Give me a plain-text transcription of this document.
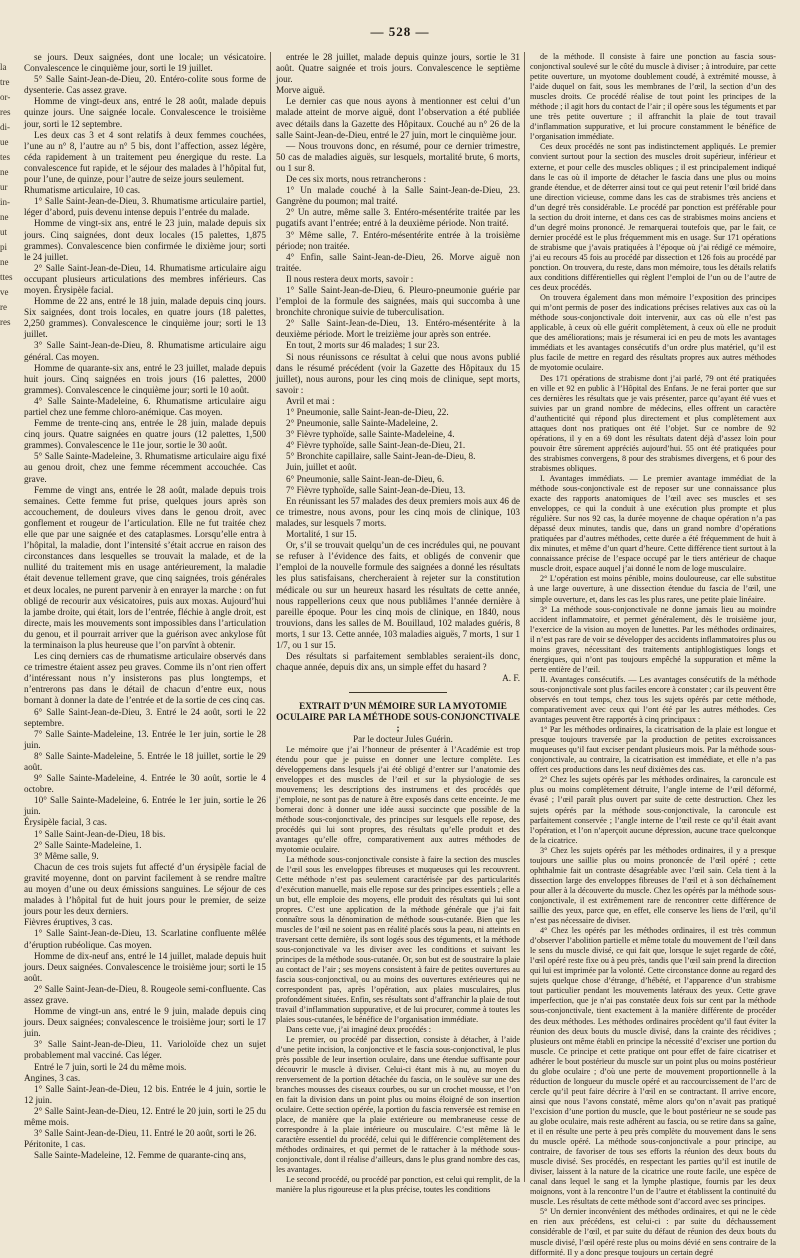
— 528 —
la
tre
or-
res
di-
ue
tes
ne
ur
in-
ne
ut
pi
ne
ttes
ve
re
res

se jours. Deux saignées, dont une locale; un vésicatoire. Convalescence le cinquième jour, sorti le 19 juillet.

5° Salle Saint-Jean-de-Dieu, 20. Entéro-colite sous forme de dysenterie. Cas assez grave.

Homme de vingt-deux ans, entré le 28 août, malade depuis quinze jours. Une saignée locale. Convalescence le troisième jour, sorti le 12 septembre.

Les deux cas 3 et 4 sont relatifs à deux femmes couchées, l’une au n° 8, l’autre au n° 5 bis, dont l’affection, assez légère, céda rapidement à un traitement peu énergique du reste. La convalescence fut rapide, et le séjour des malades à l’hôpital fut, pour l’une, de quinze, pour l’autre de seize jours seulement.

Rhumatisme articulaire, 10 cas.

1° Salle Saint-Jean-de-Dieu, 3. Rhumatisme articulaire partiel, léger d’abord, puis devenu intense depuis l’entrée du malade.

Homme de vingt-six ans, entré le 23 juin, malade depuis six jours. Cinq saignées, dont deux locales (15 palettes, 1,875 grammes). Convalescence bien confirmée le dixième jour; sorti le 24 juillet.

2° Salle Saint-Jean-de-Dieu, 14. Rhumatisme articulaire aigu occupant plusieurs articulations des membres inférieurs. Cas moyen. Érysipèle facial.

Homme de 22 ans, entré le 18 juin, malade depuis cinq jours. Six saignées, dont trois locales, en quatre jours (18 palettes, 2,250 grammes). Convalescence le cinquième jour; sorti le 13 juillet.

3° Salle Saint-Jean-de-Dieu, 8. Rhumatisme articulaire aigu général. Cas moyen.

Homme de quarante-six ans, entré le 23 juillet, malade depuis huit jours. Cinq saignées en trois jours (16 palettes, 2000 grammes). Convalescence le cinquième jour; sorti le 10 août.

4° Salle Sainte-Madeleine, 6. Rhumatisme articulaire aigu partiel chez une femme chloro-anémique. Cas moyen.

Femme de trente-cinq ans, entrée le 28 juin, malade depuis cinq jours. Quatre saignées en quatre jours (12 palettes, 1,500 grammes). Convalescence le 11e jour, sortie le 30 août.

5° Salle Sainte-Madeleine, 3. Rhumatisme articulaire aigu fixé au genou droit, chez une femme récemment accouchée. Cas grave.

Femme de vingt ans, entrée le 28 août, malade depuis trois semaines. Cette femme fut prise, quelques jours après son accouchement, de douleurs vives dans le genou droit, avec gonflement et rougeur de l’articulation. Elle ne fut traitée chez elle que par une saignée et des cataplasmes. Lorsqu’elle entra à l’hôpital, la maladie, dont l’intensité s’était accrue en raison des circonstances dans lesquelles se trouvait la malade, et de la nullité du traitement mis en usage antérieurement, la maladie était devenue tellement grave, que cinq saignées, trois générales et deux locales, ne purent parvenir à en enrayer la marche : on fut obligé de recourir aux vésicatoires, puis aux moxas. Aujourd’hui la jambe droite, qui était, lors de l’entrée, fléchie à angle droit, est directe, mais les mouvements sont impossibles dans l’articulation du genou, et il pourrait arriver que la guérison avec ankylose fût la terminaison la plus heureuse que l’on parvînt à obtenir.

Les cinq derniers cas de rhumatisme articulaire observés dans ce trimestre étaient assez peu graves. Comme ils n’ont rien offert d’intéressant nous n’y insisterons pas plus longtemps, et n’entrerons pas dans le détail de chacun d’entre eux, nous bornant à donner la date de l’entrée et de la sortie de ces cinq cas.

6° Salle Saint-Jean-de-Dieu, 3. Entré le 24 août, sorti le 22 septembre.

7° Salle Sainte-Madeleine, 13. Entrée le 1er juin, sortie le 28 juin.

8° Salle Sainte-Madeleine, 5. Entrée le 18 juillet, sortie le 29 août.

9° Salle Sainte-Madeleine, 4. Entrée le 30 août, sortie le 4 octobre.

10° Salle Sainte-Madeleine, 6. Entrée le 1er juin, sortie le 26 juin.

Érysipèle facial, 3 cas.

1° Salle Saint-Jean-de-Dieu, 18 bis.

2° Salle Sainte-Madeleine, 1.

3° Même salle, 9.

Chacun de ces trois sujets fut affecté d’un érysipèle facial de gravité moyenne, dont on parvint facilement à se rendre maître au moyen d’une ou deux émissions sanguines. Le séjour de ces malades à l’hôpital fut de huit jours pour le premier, de seize jours pour les deux derniers.

Fièvres éruptives, 3 cas.

1° Salle Saint-Jean-de-Dieu, 13. Scarlatine confluente mêlée d’éruption rubéolique. Cas moyen.

Homme de dix-neuf ans, entré le 14 juillet, malade depuis huit jours. Deux saignées. Convalescence le troisième jour; sorti le 15 août.

2° Salle Saint-Jean-de-Dieu, 8. Rougeole semi-confluente. Cas assez grave.

Homme de vingt-un ans, entré le 9 juin, malade depuis cinq jours. Deux saignées; convalescence le troisième jour; sorti le 17 juin.

3° Salle Saint-Jean-de-Dieu, 11. Varioloïde chez un sujet probablement mal vacciné. Cas léger.

Entré le 7 juin, sorti le 24 du même mois.

Angines, 3 cas.

1° Salle Saint-Jean-de-Dieu, 12 bis. Entrée le 4 juin, sortie le 12 juin.

2° Salle Saint-Jean-de-Dieu, 12. Entré le 20 juin, sorti le 25 du même mois.

3° Salle Saint-Jean-de-Dieu, 11. Entré le 20 août, sorti le 26.

Péritonite, 1 cas.

Salle Sainte-Madeleine, 12. Femme de quarante-cinq ans,

entrée le 28 juillet, malade depuis quinze jours, sortie le 31 août. Quatre saignée et trois jours. Convalescence le septième jour.

Morve aiguë.

Le dernier cas que nous ayons à mentionner est celui d’un malade atteint de morve aiguë, dont l’observation a été publiée avec détails dans la Gazette des Hôpitaux. Couché au n° 26 de la salle Saint-Jean-de-Dieu, entré le 27 juin, mort le cinquième jour.

— Nous trouvons donc, en résumé, pour ce dernier trimestre, 50 cas de maladies aiguës, sur lesquels, mortalité brute, 6 morts, ou 1 sur 8.

De ces six morts, nous retrancherons :

1° Un malade couché à la Salle Saint-Jean-de-Dieu, 23. Gangrène du poumon; mal traité.

2° Un autre, même salle 3. Entéro-mésentérite traitée par les pugatifs avant l’entrée; entré à la deuxième période. Non traité.

3° Même salle, 7. Entéro-mésentérite entrée à la troisième période; non traitée.

4° Enfin, salle Saint-Jean-de-Dieu, 26. Morve aiguë non traitée.

Il nous restera deux morts, savoir :

1° Salle Saint-Jean-de-Dieu, 6. Pleuro-pneumonie guérie par l’emploi de la formule des saignées, mais qui succomba à une bronchite chronique suivie de tuberculisation.

2° Salle Saint-Jean-de-Dieu, 13. Entéro-mésentérite à la deuxième période. Mort le treizième jour après son entrée.

En tout, 2 morts sur 46 malades; 1 sur 23.

Si nous réunissons ce résultat à celui que nous avons publié dans le résumé précédent (voir la Gazette des Hôpitaux du 15 juillet), nous aurons, pour les cinq mois de clinique, sept morts, savoir :

Avril et mai :

1° Pneumonie, salle Saint-Jean-de-Dieu, 22.

2° Pneumonie, salle Sainte-Madeleine, 2.

3° Fièvre typhoïde, salle Sainte-Madeleine, 4.

4° Fièvre typhoïde, salle Saint-Jean-de-Dieu, 21.

5° Bronchite capillaire, salle Saint-Jean-de-Dieu, 8.

Juin, juillet et août.

6° Pneumonie, salle Saint-Jean-de-Dieu, 6.

7° Fièvre typhoïde, salle Saint-Jean-de-Dieu, 13.

En réunissant les 57 malades des deux premiers mois aux 46 de ce trimestre, nous avons, pour les cinq mois de clinique, 103 malades, sur lesquels 7 morts.

Mortalité, 1 sur 15.

Or, s’il se trouvait quelqu’un de ces incrédules qui, ne pouvant se refuser à l’évidence des faits, et obligés de convenir que l’emploi de la nouvelle formule des saignées a donné les résultats les plus satisfaisans, chercheraient à rejeter sur la constitution médicale ou sur un heureux hasard les résultats de cette année, nous rappellerions ceux que nous publiâmes l’année dernière à pareille époque. Pour les cinq mois de clinique, en 1840, nous trouvions, dans les salles de M. Bouillaud, 102 malades guéris, 8 morts, 1 sur 13. Cette année, 103 maladies aiguës, 7 morts, 1 sur 1 1/7, ou 1 sur 15.

Des résultats si parfaitement semblables seraient-ils donc, chaque année, depuis dix ans, un simple effet du hasard ?

A. F.

EXTRAIT D’UN MÉMOIRE SUR LA MYOTOMIE OCULAIRE PAR LA MÉTHODE SOUS-CONJONCTIVALE ;

Par le docteur Jules Guérin.

Le mémoire que j’ai l’honneur de présenter à l’Académie est trop étendu pour que je puisse en donner une lecture complète. Les développemens dans lesquels j’ai été obligé d’entrer sur l’anatomie des enveloppes et des muscles de l’œil et sur la physiologie de ses mouvemens; les descriptions des instrumens et des procédés que j’emploie, ne sont pas de nature à être exposés dans cette enceinte. Je me bornerai donc à donner une idée aussi succincte que possible de la méthode sous-conjonctivale, des principes sur lesquels elle repose, des procédés qui lui sont propres, des résultats qu’elle produit et des avantages qu’elle offre, comparativement aux autres méthodes de myotomie oculaire.

La méthode sous-conjonctivale consiste à faire la section des muscles de l’œil sous les enveloppes fibreuses et muqueuses qui les recouvrent. Cette méthode n’est pas seulement caractérisée par des particularités d’exécution manuelle, mais elle repose sur des principes essentiels ; elle a un but, elle emploie des moyens, elle produit des résultats qui lui sont propres. C’est une application de la méthode générale que j’ai fait connaître sous la dénomination de méthode sous-cutanée. Bien que les muscles de l’œil ne soient pas en réalité placés sous la peau, ni atteints en traversant cette dernière, ils sont logés sous des téguments, et la méthode sous-conjonctivale va les diviser avec les conditions et suivant les principes de la méthode sous-cutanée. Or, son but est de soustraire la plaie au contact de l’air ; ses moyens consistent à faire de petites ouvertures au fascia sous-conjonctival, ou au moins des ouvertures extérieures qui ne correspondent pas, après l’opération, aux plaies musculaires, plus profondément situées. Enfin, ses résultats sont d’affranchir la plaie de tout travail d’inflammation suppurative, et de lui procurer, comme à toutes les plaies sous-cutanées, le bénéfice de l’organisation immédiate.

Dans cette vue, j’ai imaginé deux procédés :

Le premier, ou procédé par dissection, consiste à détacher, à l’aide d’une petite incision, la conjonctive et le fascia sous-conjonctival, le plus près possible de leur insertion oculaire, dans une étendue suffisante pour découvrir le muscle à diviser. Celui-ci étant mis à nu, au moyen du renversement de la portion détachée du fascia, on le soulève sur une des branches mousses des ciseaux courbes, ou sur un crochet mousse, et l’on en fait la division dans un point plus ou moins éloigné de son insertion oculaire. Cette section opérée, la portion du fascia renversée est remise en place, de manière que la plaie extérieure ou membraneuse cesse de correspondre à la plaie intérieure ou musculaire. C’est même là le caractère essentiel du procédé, celui qui le différencie complètement des méthodes ordinaires, et qui permet de le rattacher à la méthode sous-conjonctivale, dont il réalise d’ailleurs, dans le plus grand nombre des cas, les avantages.

Le second procédé, ou procédé par ponction, est celui qui remplit, de la manière la plus rigoureuse et la plus précise, toutes les conditions

de la méthode. Il consiste à faire une ponction au fascia sous-conjonctival soulevé sur le côté du muscle à diviser ; à introduire, par cette petite ouverture, un myotome doublement coudé, à extrémité mousse, à l’aide duquel on fait, sous les membranes de l’œil, la section d’un des muscles droits. Ce procédé réalise de tout point les principes de la méthode ; il agit hors du contact de l’air ; il opère sous les téguments et par une très petite ouverture ; il affranchit la plaie de tout travail d’inflammation suppurative, et lui procure constamment le bénéfice de l’organisation immédiate.

Ces deux procédés ne sont pas indistinctement appliqués. Le premier convient surtout pour la section des muscles droit supérieur, inférieur et externe, et pour celle des muscles obliques ; il est principalement indiqué dans le cas où il importe de détacher le fascia dans une plus ou moins grande étendue, et de déterrer ainsi tout ce qui peut retenir l’œil bridé dans une direction vicieuse, comme dans les cas de strabismes très anciens et d’un degré très considérable. Le procédé par ponction est préférable pour la section du droit interne, et dans ces cas de strabismes moins anciens et d’un degré moins prononcé. Je remarquerai toutefois que, par le fait, ce dernier procédé est le plus fréquemment mis en usage. Sur 171 opérations de strabisme que j’avais pratiquées à l’époque où j’ai rédigé ce mémoire, j’ai eu recours 45 fois au procédé par dissection et 126 fois au procédé par ponction. On trouvera, du reste, dans mon mémoire, tous les détails relatifs aux conditions différentielles qui règlent l’emploi de l’un ou de l’autre de ces deux procédés.

On trouvera également dans mon mémoire l’exposition des principes qui m’ont permis de poser des indications précises relatives aux cas où la méthode sous-conjonctivale doit intervenir, aux cas où elle n’est pas applicable, à ceux où elle guérit complètement, à ceux où elle ne produit que des améliorations; mais je résumerai ici en peu de mots les avantages immédiats et les avantages consécutifs d’un ordre plus matériel, qu’il est plus facile de mettre en regard des résultats propres aux autres méthodes de myotomie oculaire.

Des 171 opérations de strabisme dont j’ai parlé, 79 ont été pratiquées en ville et 92 en public à l’Hôpital des Enfans. Je ne ferai porter que sur ces dernières les résultats que je vais présenter, parce qu’ayant été vues et suivies par un grand nombre de médecins, elles offrent un caractère d’authenticité qui répond plus directement et plus complètement aux attaques dont nos pratiques ont été l’objet. Sur ce nombre de 92 opérations, il y en a 69 dont les résultats datent déjà d’assez loin pour pouvoir être sûrement appréciés aujourd’hui. 55 ont été pratiquées pour des strabismes convergens, 8 pour des strabismes divergens, et 6 pour des strabismes obliques.

I. Avantages immédiats. — Le premier avantage immédiat de la méthode sous-conjonctivale est de reposer sur une connaissance plus exacte des rapports anatomiques de l’œil avec ses muscles et ses enveloppes, ce qui la conduit à une exécution plus prompte et plus régulière. Sur nos 92 cas, la durée moyenne de chaque opération n’a pas dépassé deux minutes, tandis que, dans un grand nombre d’opérations pratiquées par d’autres méthodes, cette durée a été fréquemment de huit à dix minutes, et même d’un quart d’heure. Cette différence tient surtout à la connaissance précise de l’espace occupé par le tiers antérieur de chaque muscle droit, espace auquel j’ai donné le nom de loge musculaire.

2° L’opération est moins pénible, moins douloureuse, car elle substitue à une large ouverture, à une dissection étendue du fascia de l’œil, une simple ouverture, et, dans les cas les plus rares, une petite plaie linéaire.

3° La méthode sous-conjonctivale ne donne jamais lieu au moindre accident inflammatoire, et permet généralement, dès le troisième jour, l’exercice de la vision au moyen de lunettes. Par les méthodes ordinaires, il n’est pas rare de voir se développer des accidents inflammatoires plus ou moins graves, nécessitant des traitements antiphlogistiques longs et énergiques, qui n’ont pas toujours empêché la suppuration et même la perte entière de l’œil.

II. Avantages consécutifs. — Les avantages consécutifs de la méthode sous-conjonctivale sont plus faciles encore à constater ; car ils peuvent être observés en tout temps, chez tous les sujets opérés par cette méthode, comparativement avec ceux qui l’ont été par les autres méthodes. Ces avantages peuvent être rapportés à cinq principaux :

1° Par les méthodes ordinaires, la cicatrisation de la plaie est longue et presque toujours traversée par la production de petites excroissances muqueuses qu’il faut exciser pendant plusieurs mois. Par la méthode sous-conjonctivale, au contraire, la cicatrisation est immédiate, et elle n’a pas offert ces productions dans les neuf dixièmes des cas.

2° Chez les sujets opérés par les méthodes ordinaires, la caroncule est plus ou moins complètement détruite, l’angle interne de l’œil déformé, évasé ; l’œil paraît plus ouvert par suite de cette destruction. Chez les sujets opérés par la méthode sous-conjonctivale, la caroncule est parfaitement conservée ; l’angle interne de l’œil reste ce qu’il était avant l’opération, et l’on n’aperçoit aucune dépression, aucune trace quelconque de la cicatrice.

3° Chez les sujets opérés par les méthodes ordinaires, il y a presque toujours une saillie plus ou moins prononcée de l’œil opéré ; cette ophthalmie fait un contraste désagréable avec l’œil sain. Cela tient à la dissection large des enveloppes fibreuses de l’œil et à son déchaînement pour aller à la découverte du muscle. Chez les opérés par la méthode sous-conjonctivale, il est extrêmement rare de rencontrer cette différence de saillie des yeux, parce que, en effet, elle conserve les liens de l’œil, qu’il n’est pas nécessaire de diviser.

4° Chez les opérés par les méthodes ordinaires, il est très commun d’observer l’abolition partielle et même totale du mouvement de l’œil dans le sens du muscle divisé, ce qui fait que, lorsque le sujet regarde de côté, l’œil opéré reste fixe ou à peu près, tandis que l’œil sain prend la direction qui lui est imprimée par la volonté. Cette circonstance donne au regard des sujets quelque chose d’étrange, d’hébété, et l’apparence d’un strabisme tout particulier pendant les mouvements latéraux des yeux. Cette grave imperfection, que je n’ai pas constatée deux fois sur cent par la méthode sous-conjonctivale, tient exactement à la manière différente de procéder des deux méthodes. Les méthodes ordinaires procèdent qu’il faut éviter la réunion des deux bouts du muscle divisé, dans la crainte des récidives ; plusieurs ont même établi en principe la nécessité d’exciser une portion du muscle. Ce principe et cette pratique ont pour effet de faire cicatriser et adhérer le bout postérieur du muscle sur un point plus ou moins postérieur du globe oculaire ; d’où une perte de mouvement proportionnelle à la réduction de longueur du muscle opéré et au raccourcissement de l’arc de cercle qu’il peut faire décrire à l’œil en se contractant. Il arrive encore, ainsi que nous l’avons constaté, même alors qu’on n’avait pas pratiqué l’excision d’une portion du muscle, que le bout postérieur ne se soude pas au globe oculaire, mais reste adhérent au fascia, ou se retire dans sa gaîne, et il en résulte une perte à peu près complète du mouvement dans le sens du muscle opéré. La méthode sous-conjonctivale a pour principe, au contraire, de favoriser de tous ses efforts la réunion des deux bouts du muscle divisé. Ses procédés, en respectant les parties qu’il est inutile de diviser, laissent à la nature de la cicatrice une route facile, une espèce de canal dans lequel le sang et la lymphe plastique, fournis par les deux moignons, vont à la rencontre l’un de l’autre et établissent la continuité du muscle. Les résultats de cette méthode sont d’accord avec ses principes.

5° Un dernier inconvénient des méthodes ordinaires, et qui ne le cède en rien aux précédens, est celui-ci : par suite du déchaussement considérable de l’œil, et par suite du défaut de réunion des deux bouts du muscle divisé, l’œil opéré reste plus ou moins dévié en sens contraire de la difformité. Il y a donc presque toujours un certain degré
